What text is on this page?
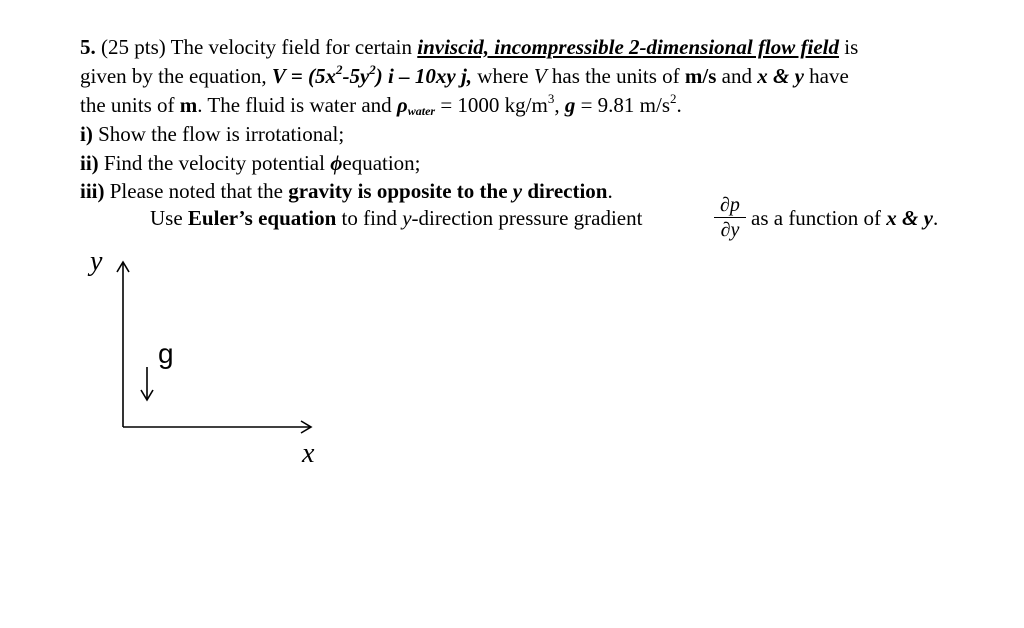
5. (25 pts) The velocity field for certain inviscid, incompressible 2-dimensional flow field is
given by the equation, $V = (5x^2-5y^2)$ i – 10xy j, where V has the units of m/s and x & y have
the units of m. The fluid is water and $\rho_{water} = 1000$ $kg/m^3$, g = 9.81 $m/s^2$.
i) Show the flow is irrotational;
ii) Find the velocity potential ϕequation;
iii) Please noted that the gravity is opposite to the y direction.
Use Euler’s equation to find y-direction pressure gradient
∂p
∂y as a function of x & y.
y
x
g
